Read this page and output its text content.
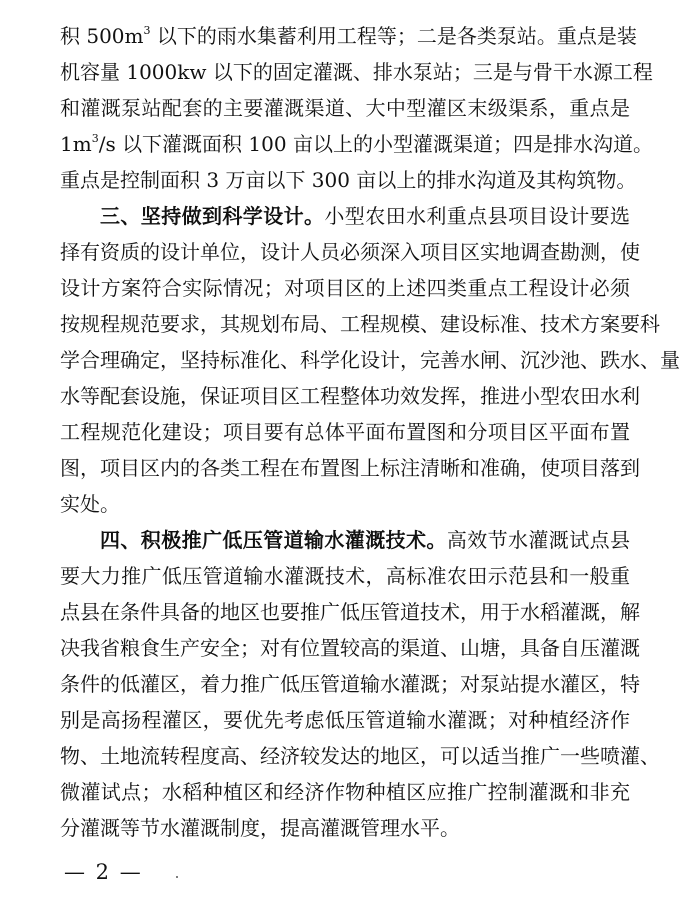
积 $500m^3$ 以下的雨水集蓄利用工程等；二是各类泵站。重点是装
机容量 1000kw 以下的固定灌溉、排水泵站；三是与骨干水源工程
和灌溉泵站配套的主要灌溉渠道、大中型灌区末级渠系，重点是
$1m^3/s$ 以下灌溉面积 100 亩以上的小型灌溉渠道；四是排水沟道。
重点是控制面积 3 万亩以下 300 亩以上的排水沟道及其构筑物。
三、坚持做到科学设计。小型农田水利重点县项目设计要选
择有资质的设计单位，设计人员必须深入项目区实地调查勘测，使
设计方案符合实际情况；对项目区的上述四类重点工程设计必须
按规程规范要求，其规划布局、工程规模、建设标准、技术方案要科
学合理确定，坚持标准化、科学化设计，完善水闸、沉沙池、跌水、量
水等配套设施，保证项目区工程整体功效发挥，推进小型农田水利
工程规范化建设；项目要有总体平面布置图和分项目区平面布置
图，项目区内的各类工程在布置图上标注清晰和准确，使项目落到
实处。
四、积极推广低压管道输水灌溉技术。高效节水灌溉试点县
要大力推广低压管道输水灌溉技术，高标准农田示范县和一般重
点县在条件具备的地区也要推广低压管道技术，用于水稻灌溉，解
决我省粮食生产安全；对有位置较高的渠道、山塘，具备自压灌溉
条件的低灌区，着力推广低压管道输水灌溉；对泵站提水灌区，特
别是高扬程灌区，要优先考虑低压管道输水灌溉；对种植经济作
物、土地流转程度高、经济较发达的地区，可以适当推广一些喷灌、
微灌试点；水稻种植区和经济作物种植区应推广控制灌溉和非充
分灌溉等节水灌溉制度，提高灌溉管理水平。
— 2 —
